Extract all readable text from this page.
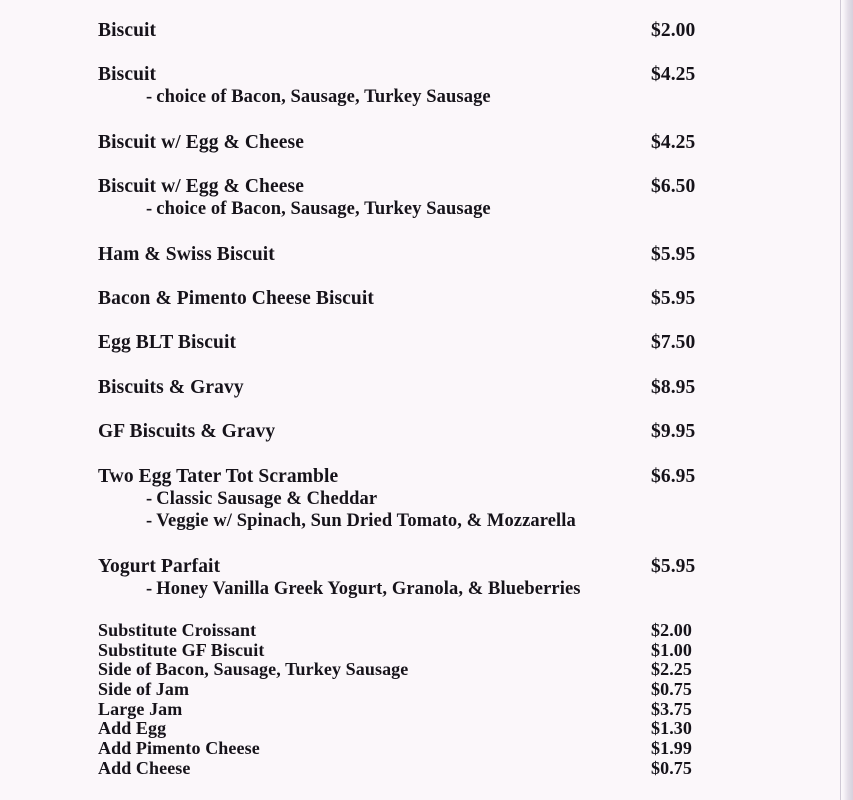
Biscuit	$2.00
Biscuit	$4.25
- choice of Bacon, Sausage, Turkey Sausage
Biscuit w/ Egg & Cheese	$4.25
Biscuit w/ Egg & Cheese	$6.50
- choice of Bacon, Sausage, Turkey Sausage
Ham & Swiss Biscuit	$5.95
Bacon & Pimento Cheese Biscuit	$5.95
Egg BLT Biscuit	$7.50
Biscuits & Gravy	$8.95
GF Biscuits & Gravy	$9.95
Two Egg Tater Tot Scramble	$6.95
- Classic Sausage & Cheddar
- Veggie w/ Spinach, Sun Dried Tomato, & Mozzarella
Yogurt Parfait	$5.95
- Honey Vanilla Greek Yogurt, Granola, & Blueberries
Substitute Croissant	$2.00
Substitute GF Biscuit	$1.00
Side of Bacon, Sausage, Turkey Sausage	$2.25
Side of Jam	$0.75
Large Jam	$3.75
Add Egg	$1.30
Add Pimento Cheese	$1.99
Add Cheese	$0.75
